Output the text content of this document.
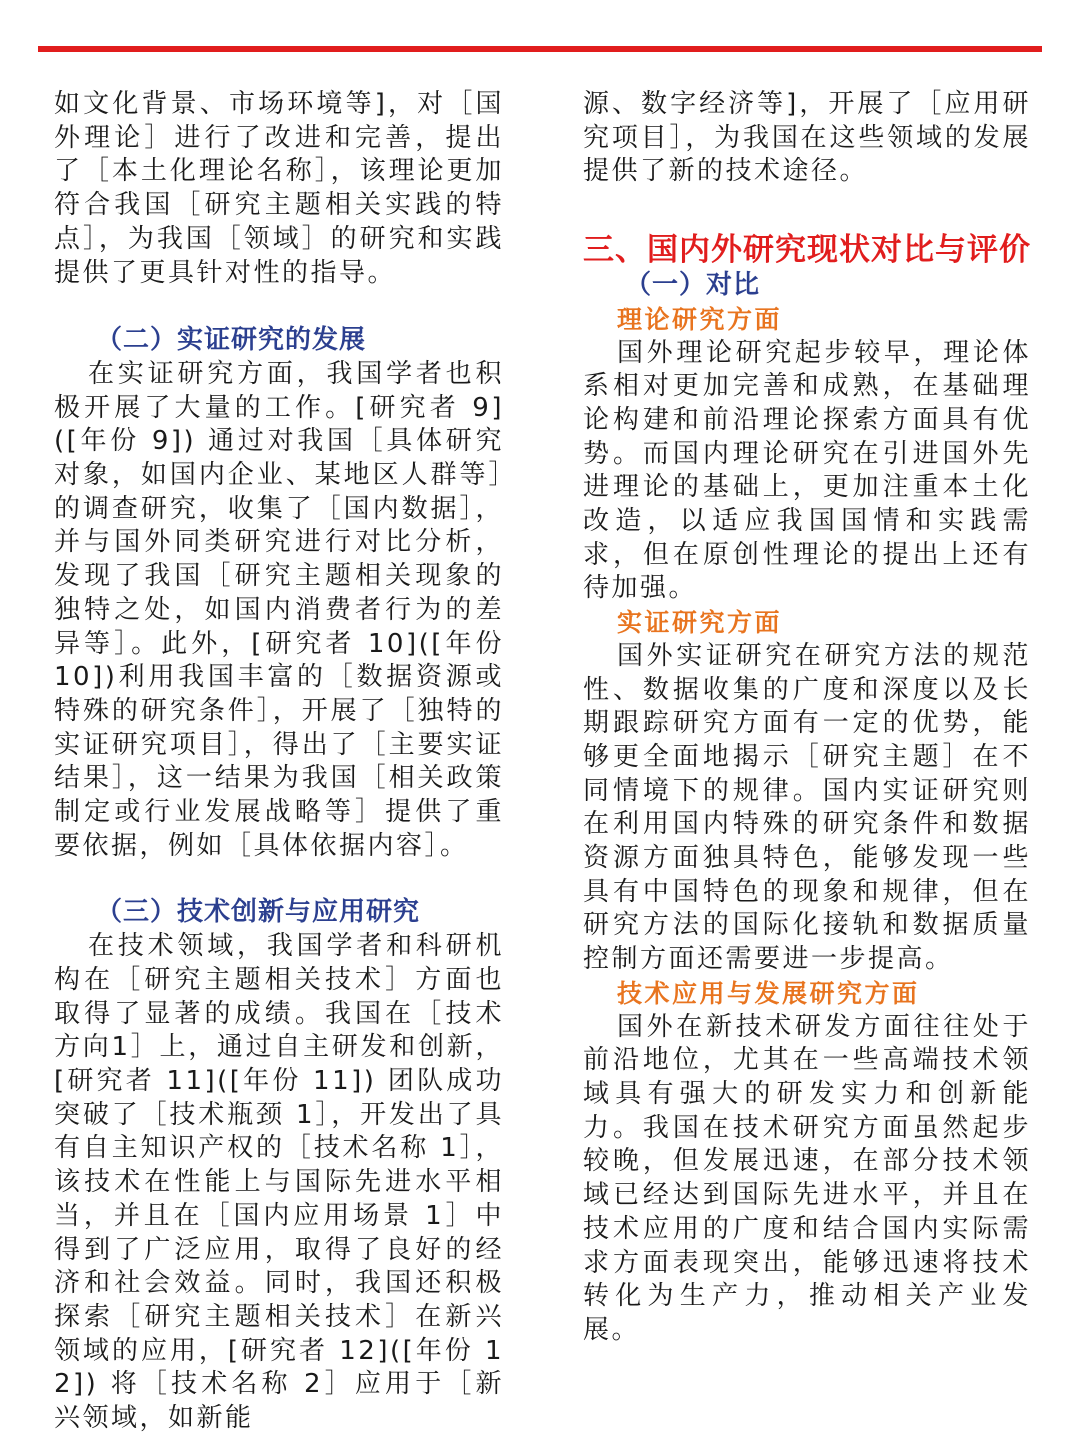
如文化背景、市场环境等]，对［国外理论］进行了改进和完善，提出了［本土化理论名称］，该理论更加符合我国［研究主题相关实践的特点］，为我国［领域］的研究和实践提供了更具针对性的指导。

（二）实证研究的发展

在实证研究方面，我国学者也积极开展了大量的工作。[研究者 9]([年份 9]) 通过对我国［具体研究对象，如国内企业、某地区人群等］的调查研究，收集了［国内数据］，并与国外同类研究进行对比分析，发现了我国［研究主题相关现象的独特之处，如国内消费者行为的差异等］。此外，[研究者 10]([年份 10])利用我国丰富的［数据资源或特殊的研究条件］，开展了［独特的实证研究项目］，得出了［主要实证结果］，这一结果为我国［相关政策制定或行业发展战略等］提供了重要依据，例如［具体依据内容］。

（三）技术创新与应用研究

在技术领域，我国学者和科研机构在［研究主题相关技术］方面也取得了显著的成绩。我国在［技术方向1］上，通过自主研发和创新，[研究者 11]([年份 11]) 团队成功突破了［技术瓶颈 1］，开发出了具有自主知识产权的［技术名称 1］，该技术在性能上与国际先进水平相当，并且在［国内应用场景 1］中得到了广泛应用，取得了良好的经济和社会效益。同时，我国还积极探索［研究主题相关技术］在新兴领域的应用，[研究者 12]([年份 12]) 将［技术名称 2］应用于［新兴领域，如新能

源、数字经济等]，开展了［应用研究项目］，为我国在这些领域的发展提供了新的技术途径。

三、国内外研究现状对比与评价
（一）对比
理论研究方面

国外理论研究起步较早，理论体系相对更加完善和成熟，在基础理论构建和前沿理论探索方面具有优势。而国内理论研究在引进国外先进理论的基础上，更加注重本土化改造，以适应我国国情和实践需求，但在原创性理论的提出上还有待加强。

实证研究方面

国外实证研究在研究方法的规范性、数据收集的广度和深度以及长期跟踪研究方面有一定的优势，能够更全面地揭示［研究主题］在不同情境下的规律。国内实证研究则在利用国内特殊的研究条件和数据资源方面独具特色，能够发现一些具有中国特色的现象和规律，但在研究方法的国际化接轨和数据质量控制方面还需要进一步提高。

技术应用与发展研究方面

国外在新技术研发方面往往处于前沿地位，尤其在一些高端技术领域具有强大的研发实力和创新能力。我国在技术研究方面虽然起步较晚，但发展迅速，在部分技术领域已经达到国际先进水平，并且在技术应用的广度和结合国内实际需求方面表现突出，能够迅速将技术转化为生产力，推动相关产业发展。
